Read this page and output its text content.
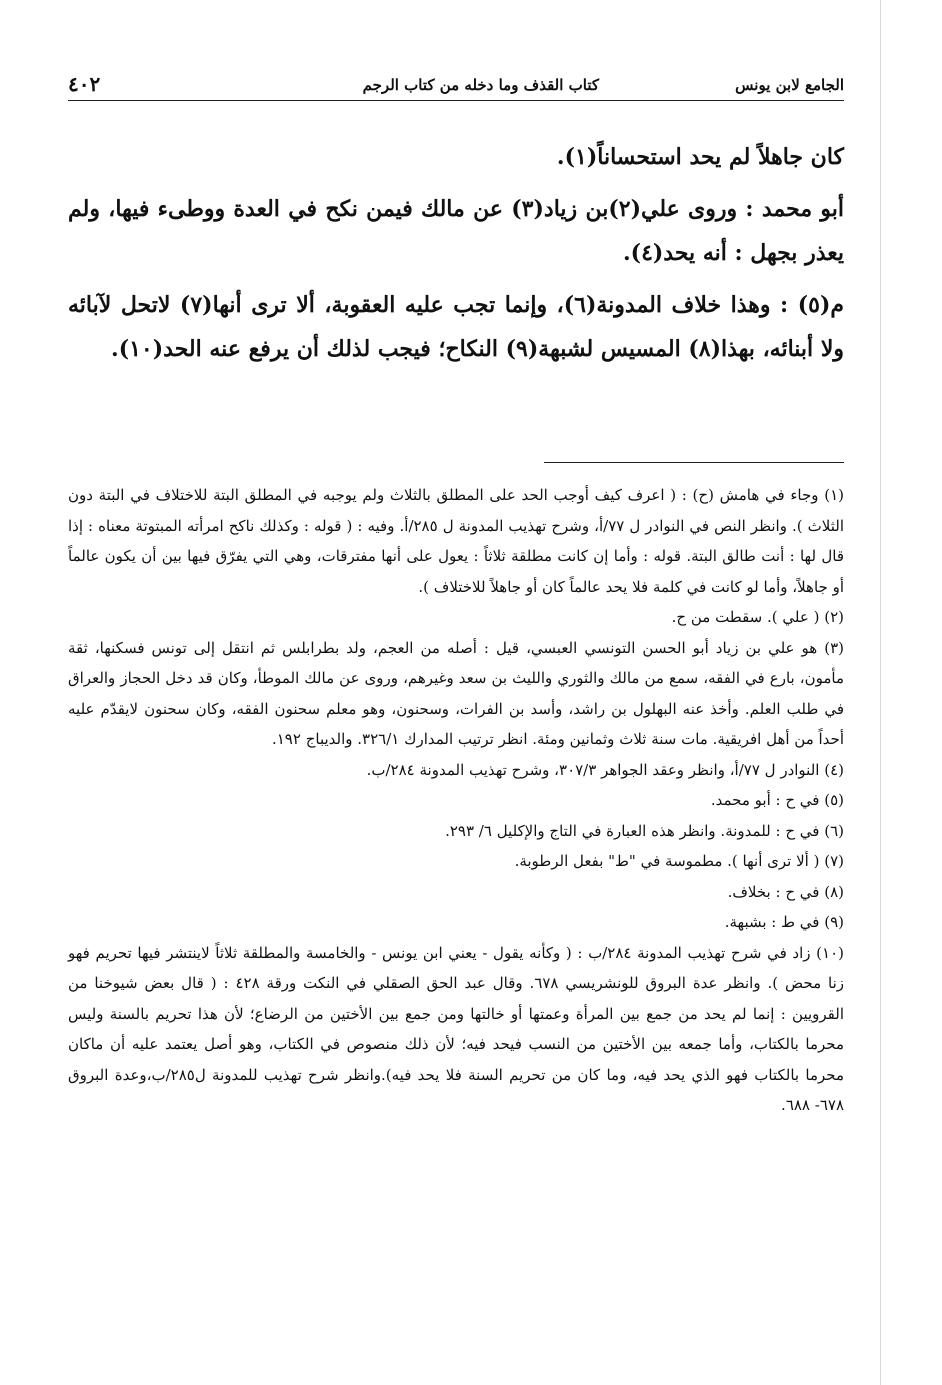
الجامع لابن يونس
كتاب القذف وما دخله من كتاب الرجم
٤٠٢

كان جاهلاً لم يحد استحساناً(١).

أبو محمد : وروى علي(٢)بن زياد(٣) عن مالك فيمن نكح في العدة ووطىء فيها، ولم يعذر بجهل : أنه يحد(٤).

م(٥) : وهذا خلاف المدونة(٦)، وإنما تجب عليه العقوبة، ألا ترى أنها(٧) لاتحل لآبائه ولا أبنائه، بهذا(٨) المسيس لشبهة(٩) النكاح؛ فيجب لذلك أن يرفع عنه الحد(١٠).

(١) وجاء في هامش (ح) : ( اعرف كيف أوجب الحد على المطلق بالثلاث ولم يوجبه في المطلق البتة للاختلاف في البتة دون الثلاث ). وانظر النص في النوادر ل ٧٧/أ، وشرح تهذيب المدونة ل ٢٨٥/أ. وفيه : ( قوله : وكذلك ناكح امرأته المبتوتة معناه : إذا قال لها : أنت طالق البتة. قوله : وأما إن كانت مطلقة ثلاثاً : يعول على أنها مفترقات، وهي التي يفرّق فيها بين أن يكون عالماً أو جاهلاً، وأما لو كانت في كلمة فلا يحد عالماً كان أو جاهلاً للاختلاف ).

(٢) ( علي ). سقطت من ح.

(٣) هو علي بن زياد أبو الحسن التونسي العبسي، قيل : أصله من العجم، ولد بطرابلس ثم انتقل إلى تونس فسكنها، ثقة مأمون، بارع في الفقه، سمع من مالك والثوري والليث بن سعد وغيرهم، وروى عن مالك الموطأ، وكان قد دخل الحجاز والعراق في طلب العلم. وأخذ عنه البهلول بن راشد، وأسد بن الفرات، وسحنون، وهو معلم سحنون الفقه، وكان سحنون لايقدّم عليه أحداً من أهل افريقية. مات سنة ثلاث وثمانين ومئة. انظر ترتيب المدارك ٣٢٦/١. والديباج ١٩٢.

(٤) النوادر ل ٧٧/أ، وانظر وعقد الجواهر ٣٠٧/٣، وشرح تهذيب المدونة ٢٨٤/ب.

(٥) في ح : أبو محمد.

(٦) في ح : للمدونة. وانظر هذه العبارة في التاج والإكليل ٦/ ٢٩٣.

(٧) ( ألا ترى أنها ). مطموسة في "ط" بفعل الرطوبة.

(٨) في ح : بخلاف.

(٩) في ط : بشبهة.

(١٠) زاد في شرح تهذيب المدونة ٢٨٤/ب : ( وكأنه يقول - يعني ابن يونس - والخامسة والمطلقة ثلاثاً لاينتشر فيها تحريم فهو زنا محض ). وانظر عدة البروق للونشريسي ٦٧٨. وقال عبد الحق الصقلي في النكت ورقة ٤٢٨ : ( قال بعض شيوخنا من القرويين : إنما لم يحد من جمع بين المرأة وعمتها أو خالتها ومن جمع بين الأختين من الرضاع؛ لأن هذا تحريم بالسنة وليس محرما بالكتاب، وأما جمعه بين الأختين من النسب فيحد فيه؛ لأن ذلك منصوص في الكتاب، وهو أصل يعتمد عليه أن ماكان محرما بالكتاب فهو الذي يحد فيه، وما كان من تحريم السنة فلا يحد فيه).وانظر شرح تهذيب للمدونة ل٢٨٥/ب،وعدة البروق ٦٧٨- ٦٨٨.
